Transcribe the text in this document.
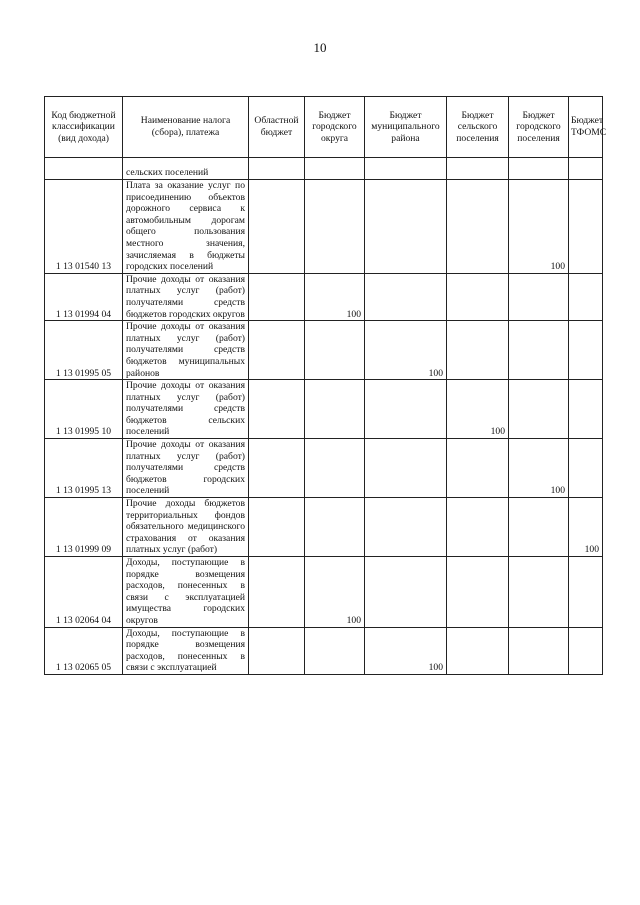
10
Код бюджетной классификации (вид дохода)	Наименование налога (сбора), платежа	Областной бюджет	Бюджет городского округа	Бюджет муниципального района	Бюджет сельского поселения	Бюджет городского поселения	Бюджет ТФОМС
	сельских поселений						
1 13 01540 13	Плата за оказание услуг по присоединению объектов дорожного сервиса к автомобильным дорогам общего пользования местного значения, зачисляемая в бюджеты городских поселений					100	
1 13 01994 04	Прочие доходы от оказания платных услуг (работ) получателями средств бюджетов городских округов		100				
1 13 01995 05	Прочие доходы от оказания платных услуг (работ) получателями средств бюджетов муниципальных районов			100			
1 13 01995 10	Прочие доходы от оказания платных услуг (работ) получателями средств бюджетов сельских поселений				100		
1 13 01995 13	Прочие доходы от оказания платных услуг (работ) получателями средств бюджетов городских поселений					100	
1 13 01999 09	Прочие доходы бюджетов территориальных фондов обязательного медицинского страхования от оказания платных услуг (работ)						100
1 13 02064 04	Доходы, поступающие в порядке возмещения расходов, понесенных в связи с эксплуатацией имущества городских округов		100				
1 13 02065 05	Доходы, поступающие в порядке возмещения расходов, понесенных в связи с эксплуатацией			100			
